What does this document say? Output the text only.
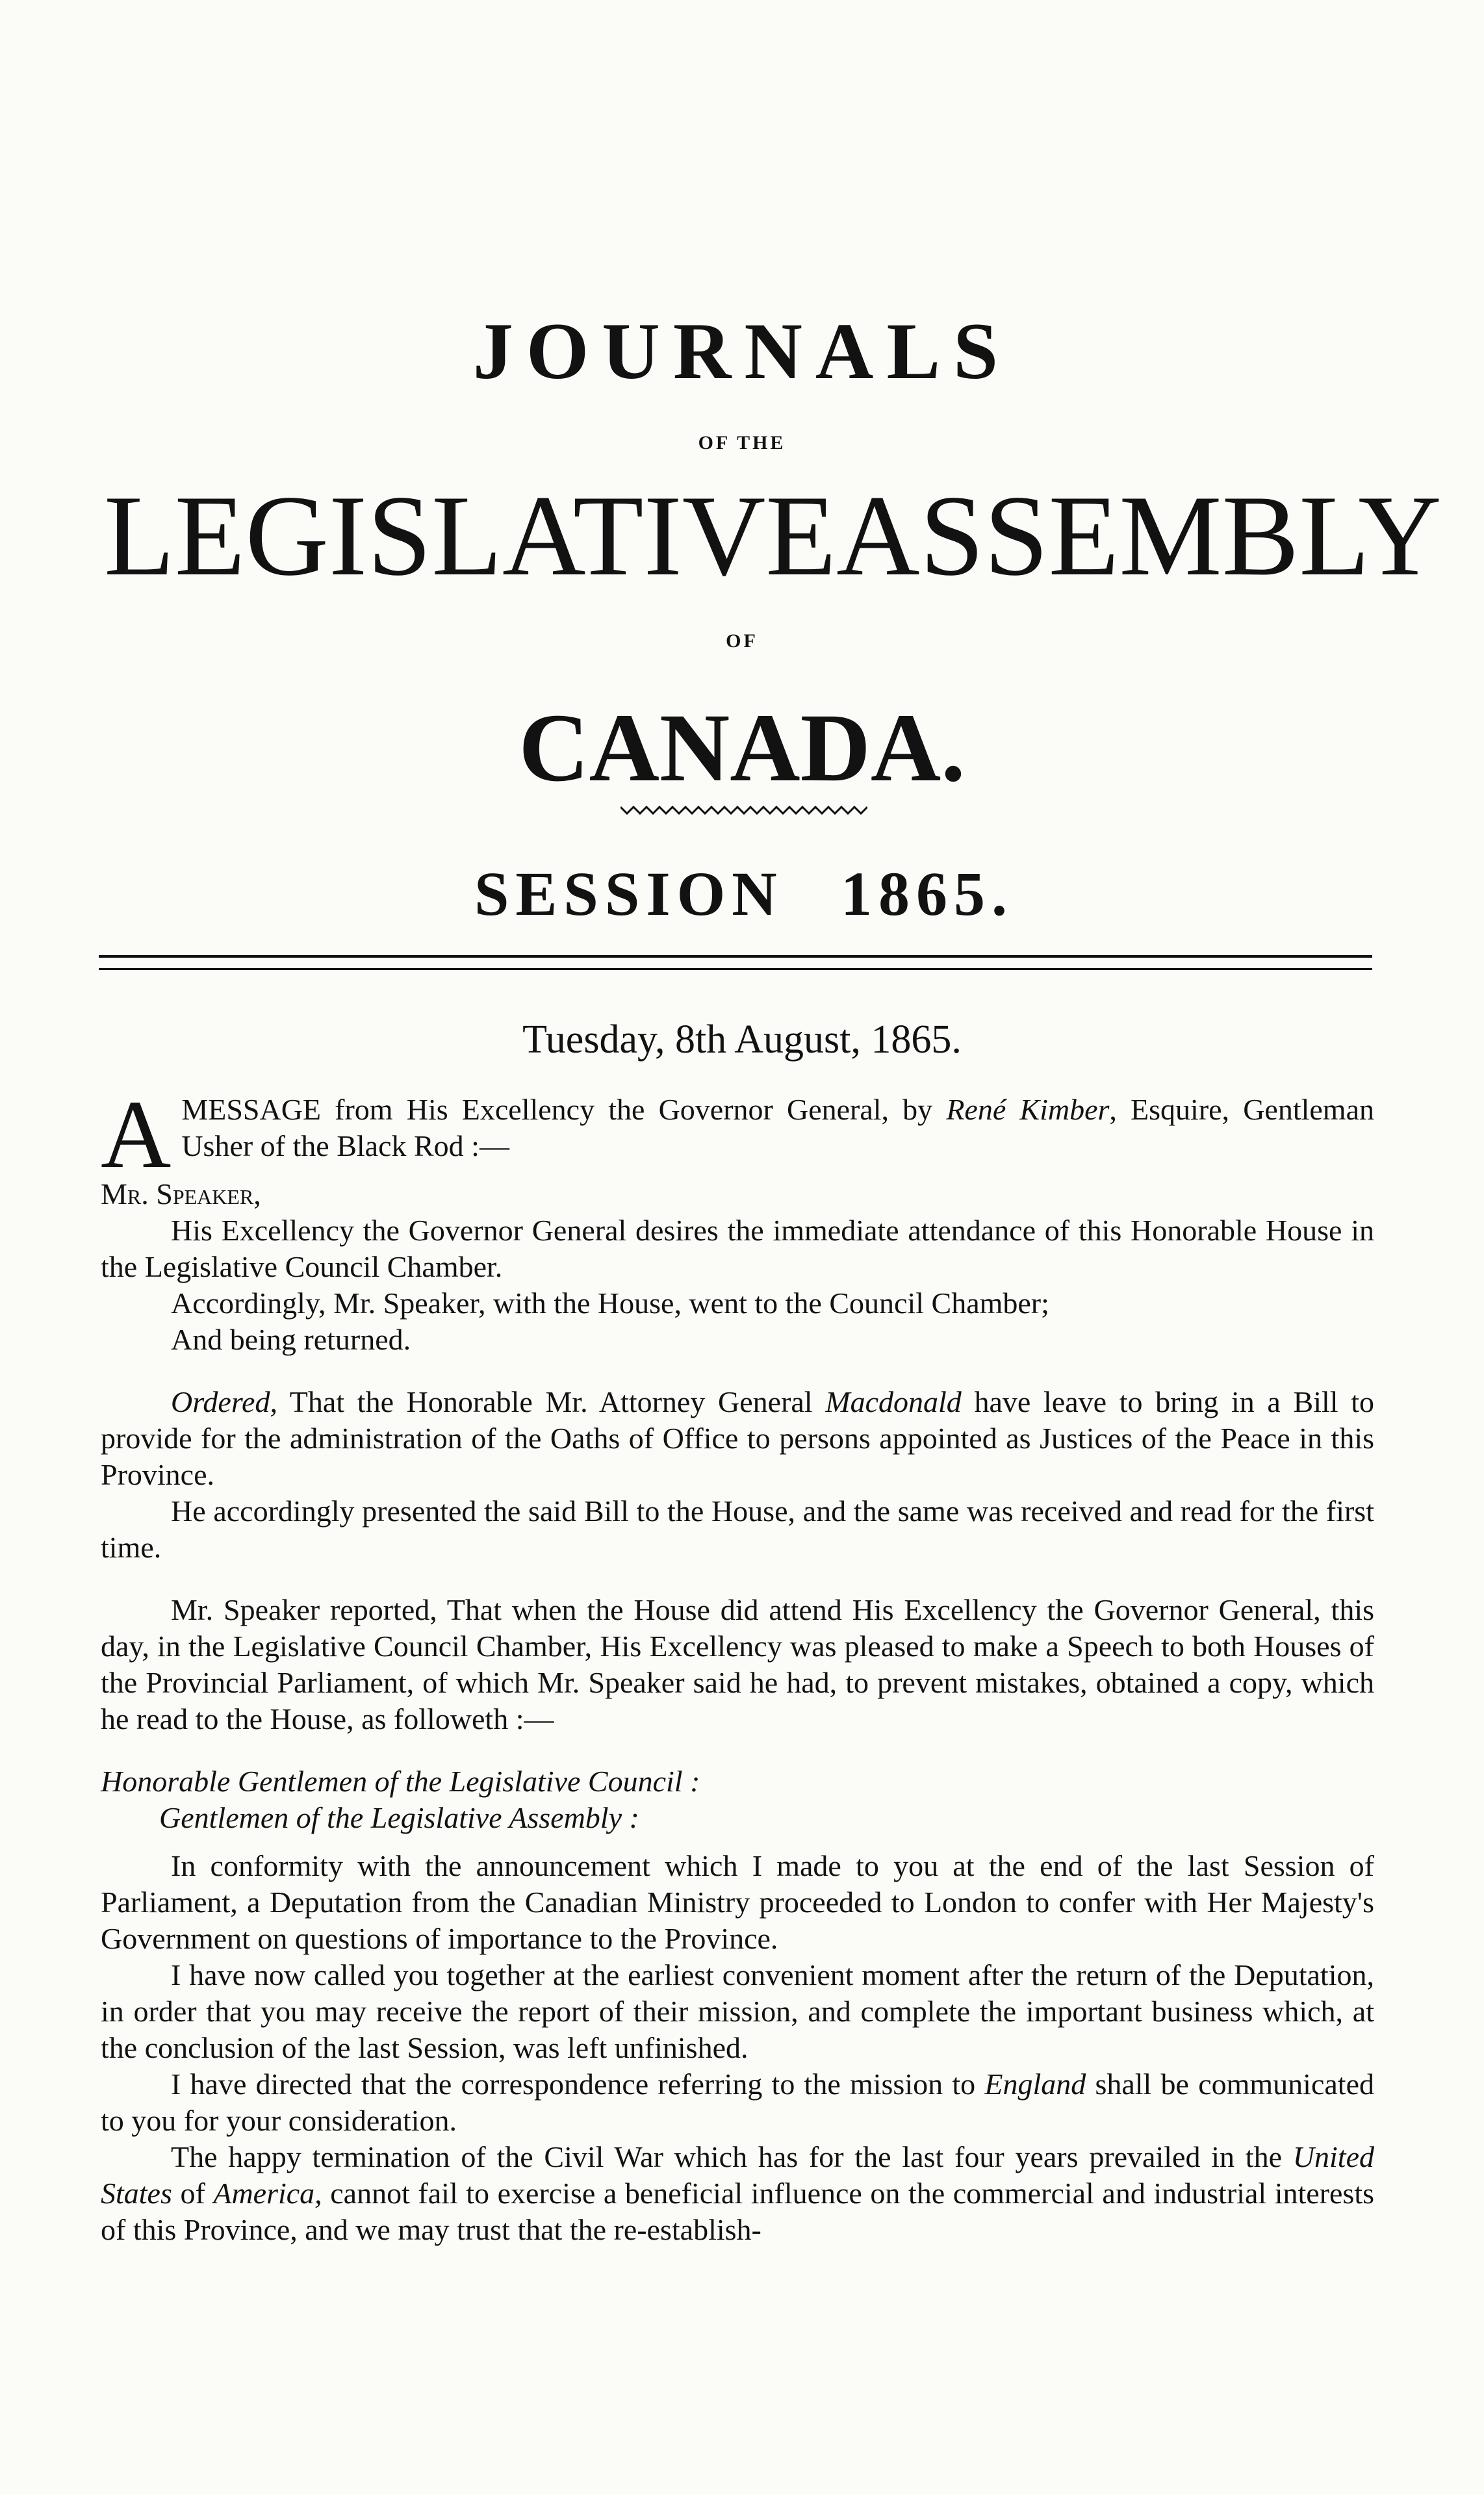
JOURNALS
OF THE
LEGISLATIVE ASSEMBLY
OF
CANADA.
SESSION 1865.
Tuesday, 8th August, 1865.

A MESSAGE from His Excellency the Governor General, by René Kimber, Esquire, Gentleman Usher of the Black Rod :—

Mr. Speaker,

His Excellency the Governor General desires the immediate attendance of this Honorable House in the Legislative Council Chamber.

Accordingly, Mr. Speaker, with the House, went to the Council Chamber;

And being returned.

Ordered, That the Honorable Mr. Attorney General Macdonald have leave to bring in a Bill to provide for the administration of the Oaths of Office to persons appointed as Justices of the Peace in this Province.

He accordingly presented the said Bill to the House, and the same was received and read for the first time.

Mr. Speaker reported, That when the House did attend His Excellency the Governor General, this day, in the Legislative Council Chamber, His Excellency was pleased to make a Speech to both Houses of the Provincial Parliament, of which Mr. Speaker said he had, to prevent mistakes, obtained a copy, which he read to the House, as followeth :—

Honorable Gentlemen of the Legislative Council :

Gentlemen of the Legislative Assembly :

In conformity with the announcement which I made to you at the end of the last Session of Parliament, a Deputation from the Canadian Ministry proceeded to London to confer with Her Majesty's Government on questions of importance to the Province.

I have now called you together at the earliest convenient moment after the return of the Deputation, in order that you may receive the report of their mission, and complete the important business which, at the conclusion of the last Session, was left unfinished.

I have directed that the correspondence referring to the mission to England shall be communicated to you for your consideration.

The happy termination of the Civil War which has for the last four years prevailed in the United States of America, cannot fail to exercise a beneficial influence on the commercial and industrial interests of this Province, and we may trust that the re-establish-
